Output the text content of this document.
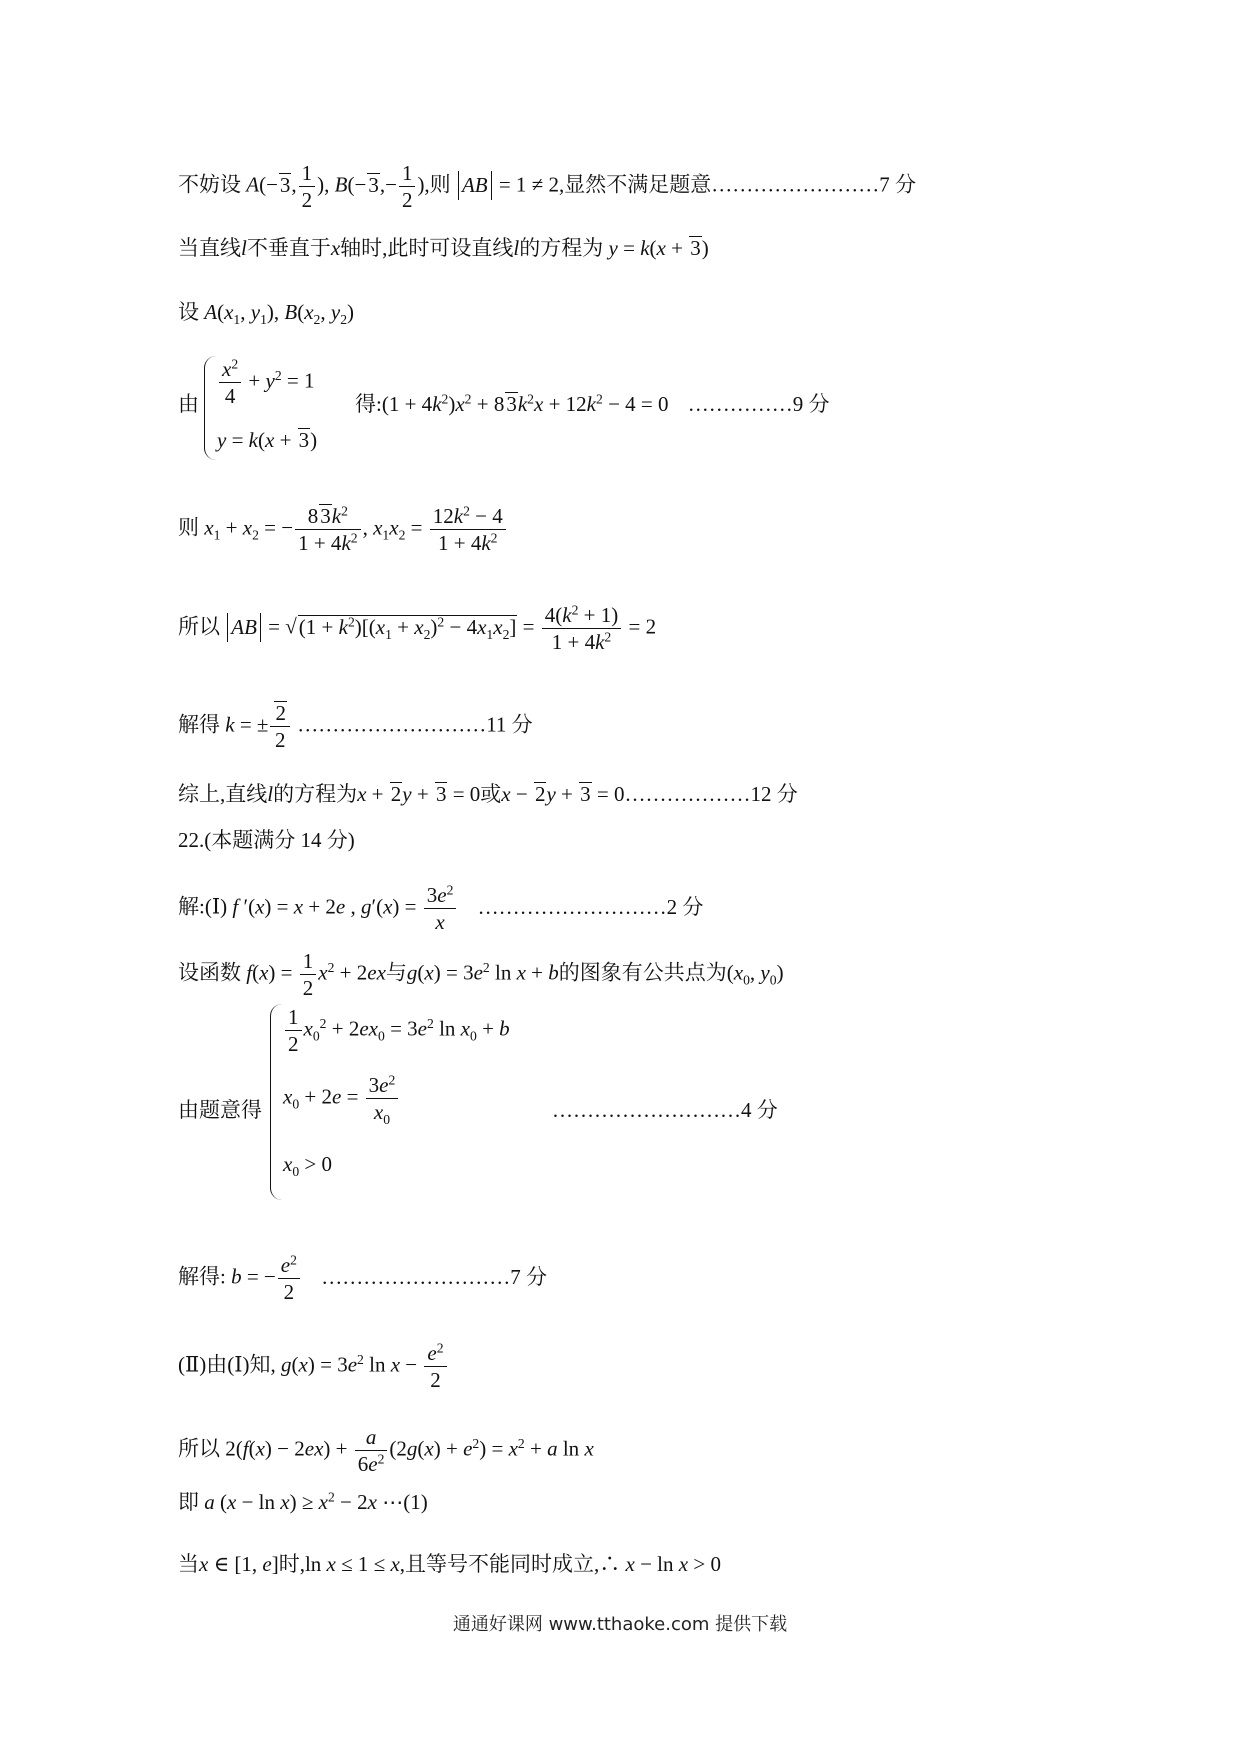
不妨设 A(−3, $\frac{1}{2}$ ), $B(-3,- \frac{1}{2}$ ),则 AB = 1 ≠ 2,显然不满足题意……………………7 分
当直线l不垂直于x轴时,此时可设直线l的方程为 y = k(x + 3)
设 $A(x_1$, $y_1$), $B(x_2$, $y_2$)
由 $\frac{x^2}{4} + y^2 = 1$
y = k(x + 3)
得:(1 + $4k^2)x^2 + 83k^2x + 12k^2 - 4 = 0$ ……………9 分
则 $x_1 + x_2$ = − $\frac{83k^2}{1 + 4k^2}$ , $x_1x_2 = \frac{12k^2 - 4}{1 + 4k^2}$
所以 AB = $√(1 + k^2)[(x_1 + x_2)^2 - 4x_1x_2] = \frac{4(k^2 + 1)}{1 + 4k^2} = 2$
解得 k = ± $\frac{2}{2}$ ………………………11 分
综上,直线l的方程为x + 2y + 3 = 0或x − 2y + 3 = 0………………12 分
22.(本题满分 14 分)
解:(Ⅰ) f ′(x) = x + 2e , $g'(x) = \frac{3e^2}{x}$ ………………………2 分
设函数 $f(x) = \frac{1}{2} x^2 + 2ex$与$g(x) = 3e^2$ ln x + b的图象有公共点为($x_0$, $y_0$)
由题意得
$\frac{1}{2} x_0^2 + 2ex_0 = 3e^2$ $\ln x_0 + b$
$x_0 + 2e = \frac{3e^2}{x_0}$
$x_0 > 0$
………………………4 分
解得: b = − $\frac{e^2}{2}$ ………………………7 分
(Ⅱ)由(Ⅰ)知, $g(x) = 3e^2$ $\ln x - \frac{e^2}{2}$
所以 $2(f(x) - 2ex) + \frac{a}{6e^2} (2g(x) + e^2) = x^2 + a$ ln x
即 a $(x - \ln x) \ge x^2 - 2x$ ⋯(1)
当x ∈ [1, e]时,ln x ≤ 1 ≤ x,且等号不能同时成立,∴ x − ln x > 0
通通好课网 www.tthaoke.com 提供下载
